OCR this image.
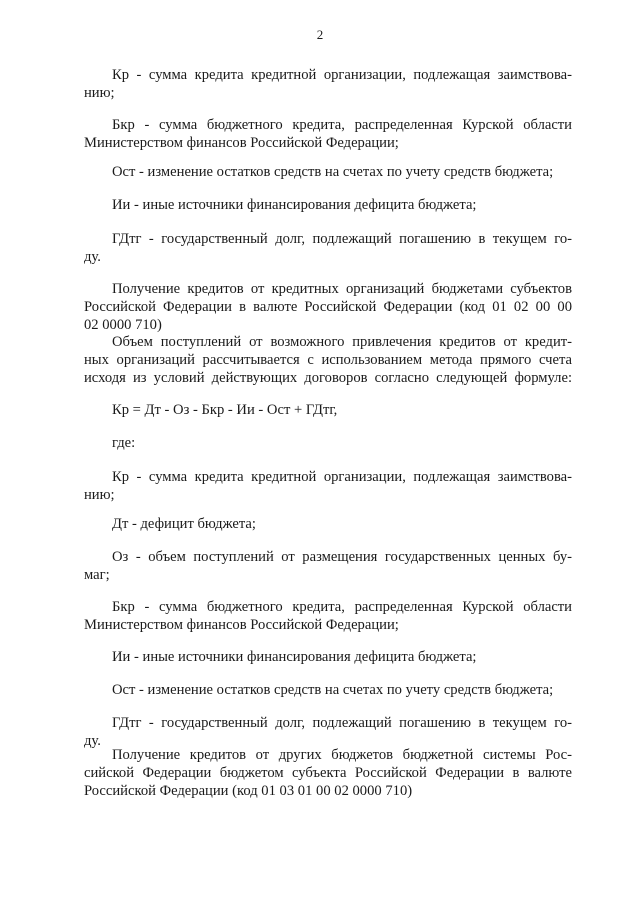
2
Кр - сумма кредита кредитной организации, подлежащая заимствова-
нию;
Бкр - сумма бюджетного кредита, распределенная Курской области
Министерством финансов Российской Федерации;
Ост - изменение остатков средств на счетах по учету средств бюджета;
Ии - иные источники финансирования дефицита бюджета;
ГДтг - государственный долг, подлежащий погашению в текущем го-
ду.
Получение кредитов от кредитных организаций бюджетами субъектов
Российской Федерации в валюте Российской Федерации (код 01 02 00 00
02 0000 710)
Объем поступлений от возможного привлечения кредитов от кредит-
ных организаций рассчитывается с использованием метода прямого счета
исходя из условий действующих договоров согласно следующей формуле:
Кр = Дт - Оз - Бкр - Ии - Ост + ГДтг,
где:
Кр - сумма кредита кредитной организации, подлежащая заимствова-
нию;
Дт - дефицит бюджета;
Оз - объем поступлений от размещения государственных ценных бу-
маг;
Бкр - сумма бюджетного кредита, распределенная Курской области
Министерством финансов Российской Федерации;
Ии - иные источники финансирования дефицита бюджета;
Ост - изменение остатков средств на счетах по учету средств бюджета;
ГДтг - государственный долг, подлежащий погашению в текущем го-
ду.
Получение кредитов от других бюджетов бюджетной системы Рос-
сийской Федерации бюджетом субъекта Российской Федерации в валюте
Российской Федерации (код 01 03 01 00 02 0000 710)
